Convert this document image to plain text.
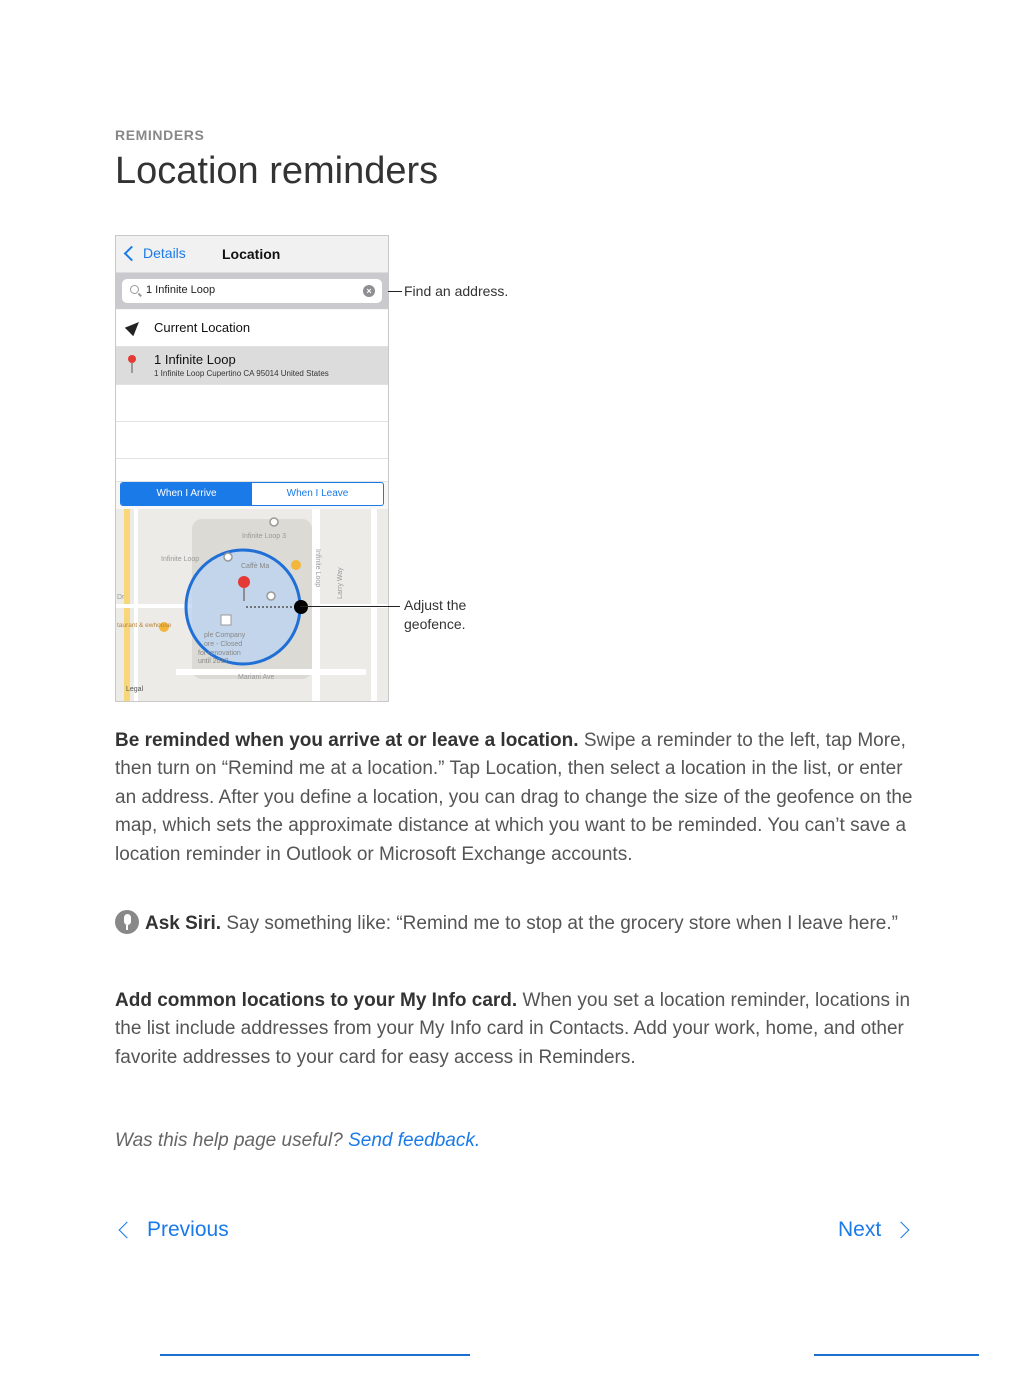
REMINDERS
Location reminders
Details	Location
1 Infinite Loop	×
Current Location
1 Infinite Loop
1 Infinite Loop Cupertino CA 95014 United States
When I Arrive	When I Leave
Infinite Loop 3
Infinite Loop
Caffè Ma	Infinite Loop Larry Way
Dr
taurant & ewhouse
ple Company
ore - Closed
for renovation
until 2017
Mariani Ave
Legal
Find an address.
Adjust the
geofence.
Be reminded when you arrive at or leave a location. Swipe a reminder to the left, tap More, then turn on “Remind me at a location.” Tap Location, then select a location in the list, or enter an address. After you define a location, you can drag to change the size of the geofence on the map, which sets the approximate distance at which you want to be reminded. You can’t save a location reminder in Outlook or Microsoft Exchange accounts.
Ask Siri. Say something like: “Remind me to stop at the grocery store when I leave here.”
Add common locations to your My Info card. When you set a location reminder, locations in the list include addresses from your My Info card in Contacts. Add your work, home, and other favorite addresses to your card for easy access in Reminders.
Was this help page useful? Send feedback.
Previous	Next
